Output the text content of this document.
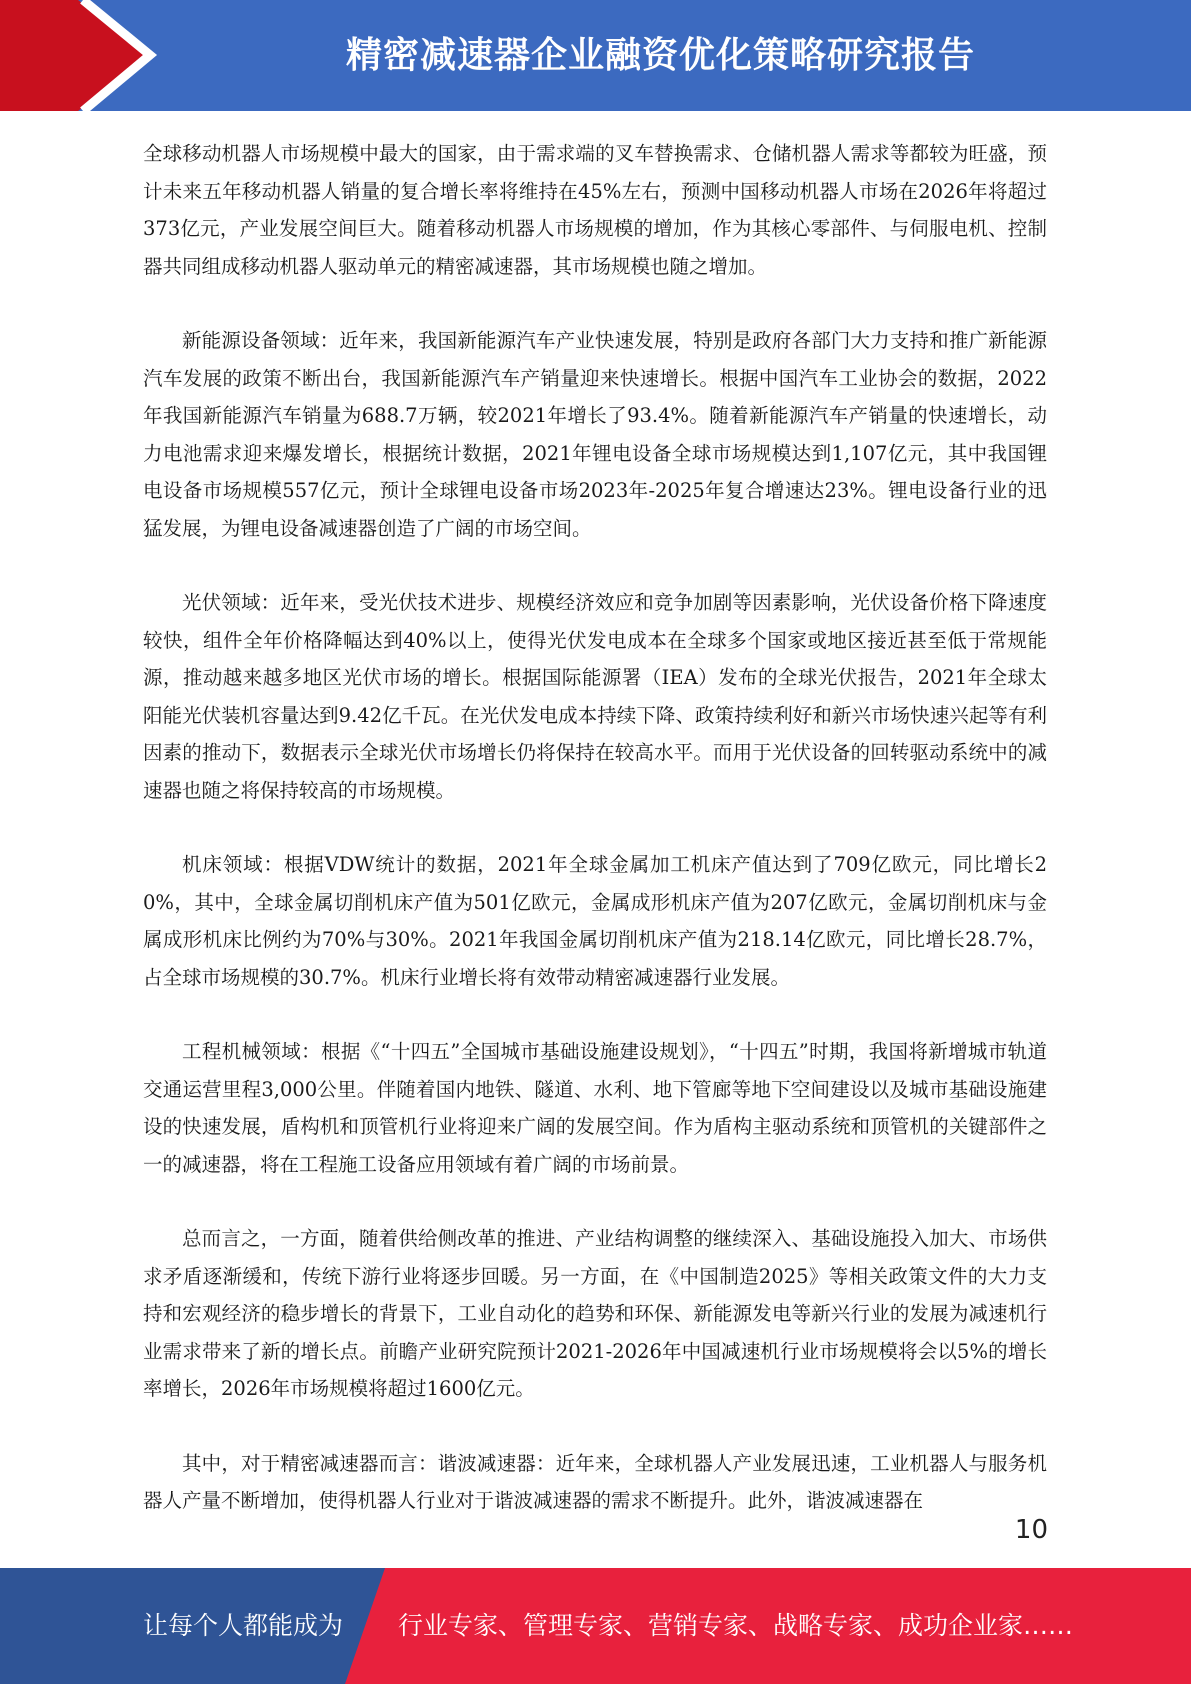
精密减速器企业融资优化策略研究报告

全球移动机器人市场规模中最大的国家，由于需求端的叉车替换需求、仓储机器人需求等都较为旺盛，预计未来五年移动机器人销量的复合增长率将维持在45%左右，预测中国移动机器人市场在2026年将超过373亿元，产业发展空间巨大。随着移动机器人市场规模的增加，作为其核心零部件、与伺服电机、控制器共同组成移动机器人驱动单元的精密减速器，其市场规模也随之增加。

新能源设备领域：近年来，我国新能源汽车产业快速发展，特别是政府各部门大力支持和推广新能源汽车发展的政策不断出台，我国新能源汽车产销量迎来快速增长。根据中国汽车工业协会的数据，2022年我国新能源汽车销量为688.7万辆，较2021年增长了93.4%。随着新能源汽车产销量的快速增长，动力电池需求迎来爆发增长，根据统计数据，2021年锂电设备全球市场规模达到1,107亿元，其中我国锂电设备市场规模557亿元，预计全球锂电设备市场2023年-2025年复合增速达23%。锂电设备行业的迅猛发展，为锂电设备减速器创造了广阔的市场空间。

光伏领域：近年来，受光伏技术进步、规模经济效应和竞争加剧等因素影响，光伏设备价格下降速度较快，组件全年价格降幅达到40%以上，使得光伏发电成本在全球多个国家或地区接近甚至低于常规能源，推动越来越多地区光伏市场的增长。根据国际能源署（IEA）发布的全球光伏报告，2021年全球太阳能光伏装机容量达到9.42亿千瓦。在光伏发电成本持续下降、政策持续利好和新兴市场快速兴起等有利因素的推动下，数据表示全球光伏市场增长仍将保持在较高水平。而用于光伏设备的回转驱动系统中的减速器也随之将保持较高的市场规模。

机床领域：根据VDW统计的数据，2021年全球金属加工机床产值达到了709亿欧元，同比增长20%，其中，全球金属切削机床产值为501亿欧元，金属成形机床产值为207亿欧元，金属切削机床与金属成形机床比例约为70%与30%。2021年我国金属切削机床产值为218.14亿欧元，同比增长28.7%，占全球市场规模的30.7%。机床行业增长将有效带动精密减速器行业发展。

工程机械领域：根据《“十四五”全国城市基础设施建设规划》，“十四五”时期，我国将新增城市轨道交通运营里程3,000公里。伴随着国内地铁、隧道、水利、地下管廊等地下空间建设以及城市基础设施建设的快速发展，盾构机和顶管机行业将迎来广阔的发展空间。作为盾构主驱动系统和顶管机的关键部件之一的减速器，将在工程施工设备应用领域有着广阔的市场前景。

总而言之，一方面，随着供给侧改革的推进、产业结构调整的继续深入、基础设施投入加大、市场供求矛盾逐渐缓和，传统下游行业将逐步回暖。另一方面，在《中国制造2025》等相关政策文件的大力支持和宏观经济的稳步增长的背景下，工业自动化的趋势和环保、新能源发电等新兴行业的发展为减速机行业需求带来了新的增长点。前瞻产业研究院预计2021-2026年中国减速机行业市场规模将会以5%的增长率增长，2026年市场规模将超过1600亿元。

其中，对于精密减速器而言：谐波减速器：近年来，全球机器人产业发展迅速，工业机器人与服务机器人产量不断增加，使得机器人行业对于谐波减速器的需求不断提升。此外，谐波减速器在

10
让每个人都能成为 行业专家、管理专家、营销专家、战略专家、成功企业家……
